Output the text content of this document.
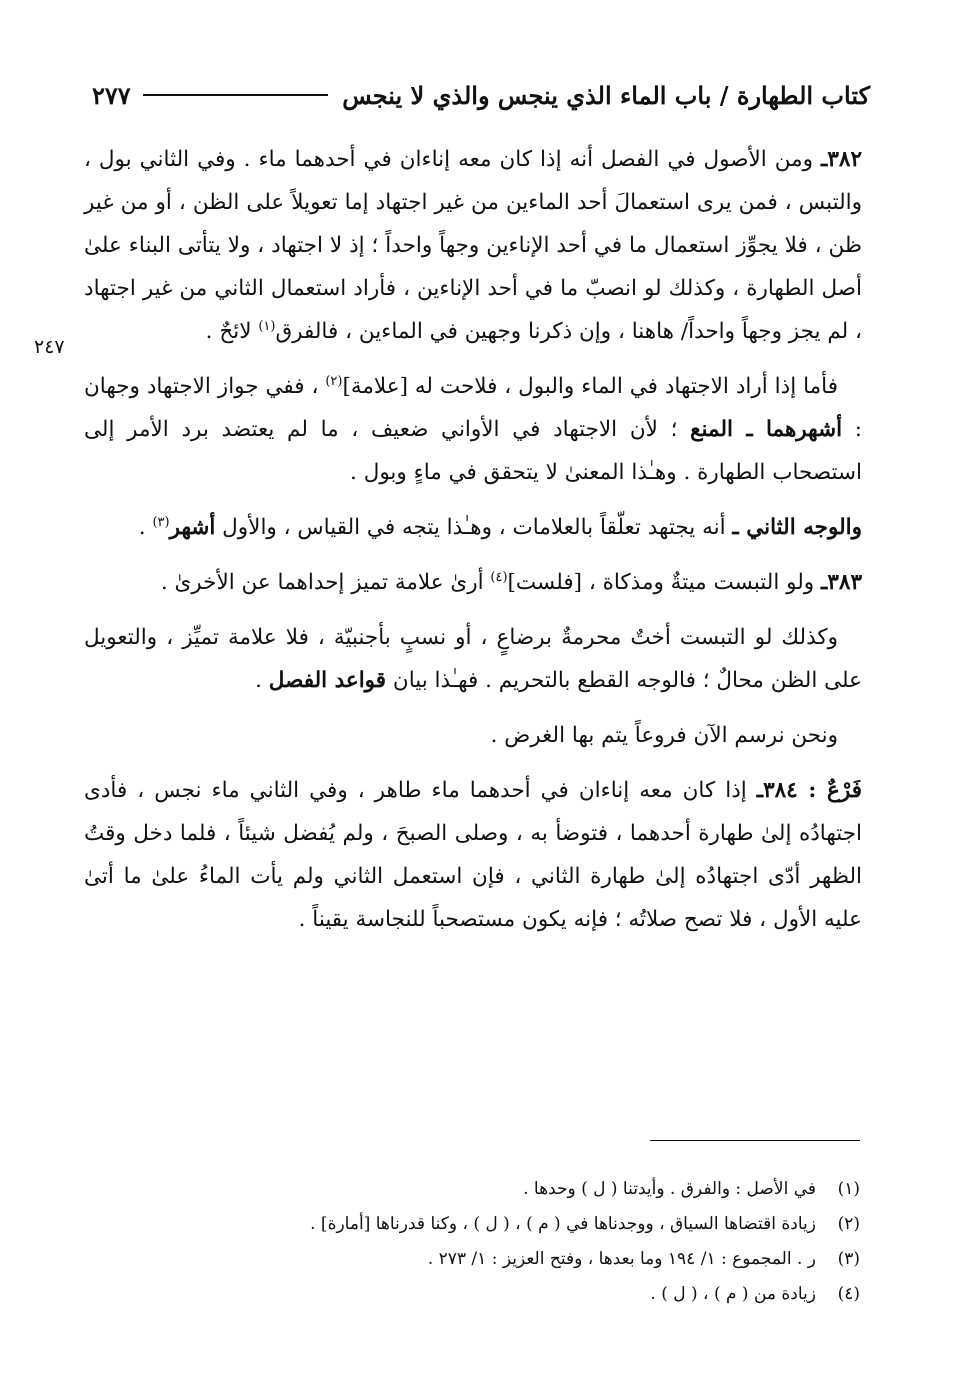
٢٧٧	كتاب الطهارة / باب الماء الذي ينجس والذي لا ينجس
٢٤٧

٣٨٢ـ ومن الأصول في الفصل أنه إذا كان معه إناءان في أحدهما ماء . وفي الثاني بول ، والتبس ، فمن يرى استعمالَ أحد الماءين من غير اجتهاد إما تعويلاً على الظن ، أو من غير ظن ، فلا يجوِّز استعمال ما في أحد الإناءين وجهاً واحداً ؛ إذ لا اجتهاد ، ولا يتأتى البناء علىٰ أصل الطهارة ، وكذلك لو انصبّ ما في أحد الإناءين ، فأراد استعمال الثاني من غير اجتهاد ، لم يجز وجهاً واحداً/ هاهنا ، وإن ذكرنا وجهين في الماءين ، فالفرق$^{(١)}$ لائحٌ .

فأما إذا أراد الاجتهاد في الماء والبول ، فلاحت له [علامة]$^{(٢)}$ ، ففي جواز الاجتهاد وجهان : أشهرهما ـ المنع ؛ لأن الاجتهاد في الأواني ضعيف ، ما لم يعتضد برد الأمر إلى استصحاب الطهارة . وهـٰذا المعنىٰ لا يتحقق في ماءٍ وبول .

والوجه الثاني ـ أنه يجتهد تعلّقاً بالعلامات ، وهـٰذا يتجه في القياس ، والأول أشهر$^{(٣)}$ .

٣٨٣ـ ولو التبست ميتةٌ ومذكاة ، [فلست]$^{(٤)}$ أرىٰ علامة تميز إحداهما عن الأخرىٰ .

وكذلك لو التبست أختٌ محرمةٌ برضاعٍ ، أو نسبٍ بأجنبيّة ، فلا علامة تميِّز ، والتعويل على الظن محالٌ ؛ فالوجه القطع بالتحريم . فهـٰذا بيان قواعد الفصل .

ونحن نرسم الآن فروعاً يتم بها الغرض .

فَرْعٌ : ٣٨٤ـ إذا كان معه إناءان في أحدهما ماء طاهر ، وفي الثاني ماء نجس ، فأدى اجتهادُه إلىٰ طهارة أحدهما ، فتوضأ به ، وصلى الصبحَ ، ولم يُفضل شيئاً ، فلما دخل وقتُ الظهر أدّى اجتهادُه إلىٰ طهارة الثاني ، فإن استعمل الثاني ولم يأت الماءُ علىٰ ما أتىٰ عليه الأول ، فلا تصح صلاتُه ؛ فإنه يكون مستصحباً للنجاسة يقيناً .

(١)
في الأصل : والفرق . وأيدتنا ( ل ) وحدها .
(٢)
زيادة اقتضاها السياق ، ووجدناها في ( م ) ، ( ل ) ، وكنا قدرناها [أمارة] .
(٣)
ر . المجموع : ١/ ١٩٤ وما بعدها ، وفتح العزيز : ١/ ٢٧٣ .
(٤)
زيادة من ( م ) ، ( ل ) .
